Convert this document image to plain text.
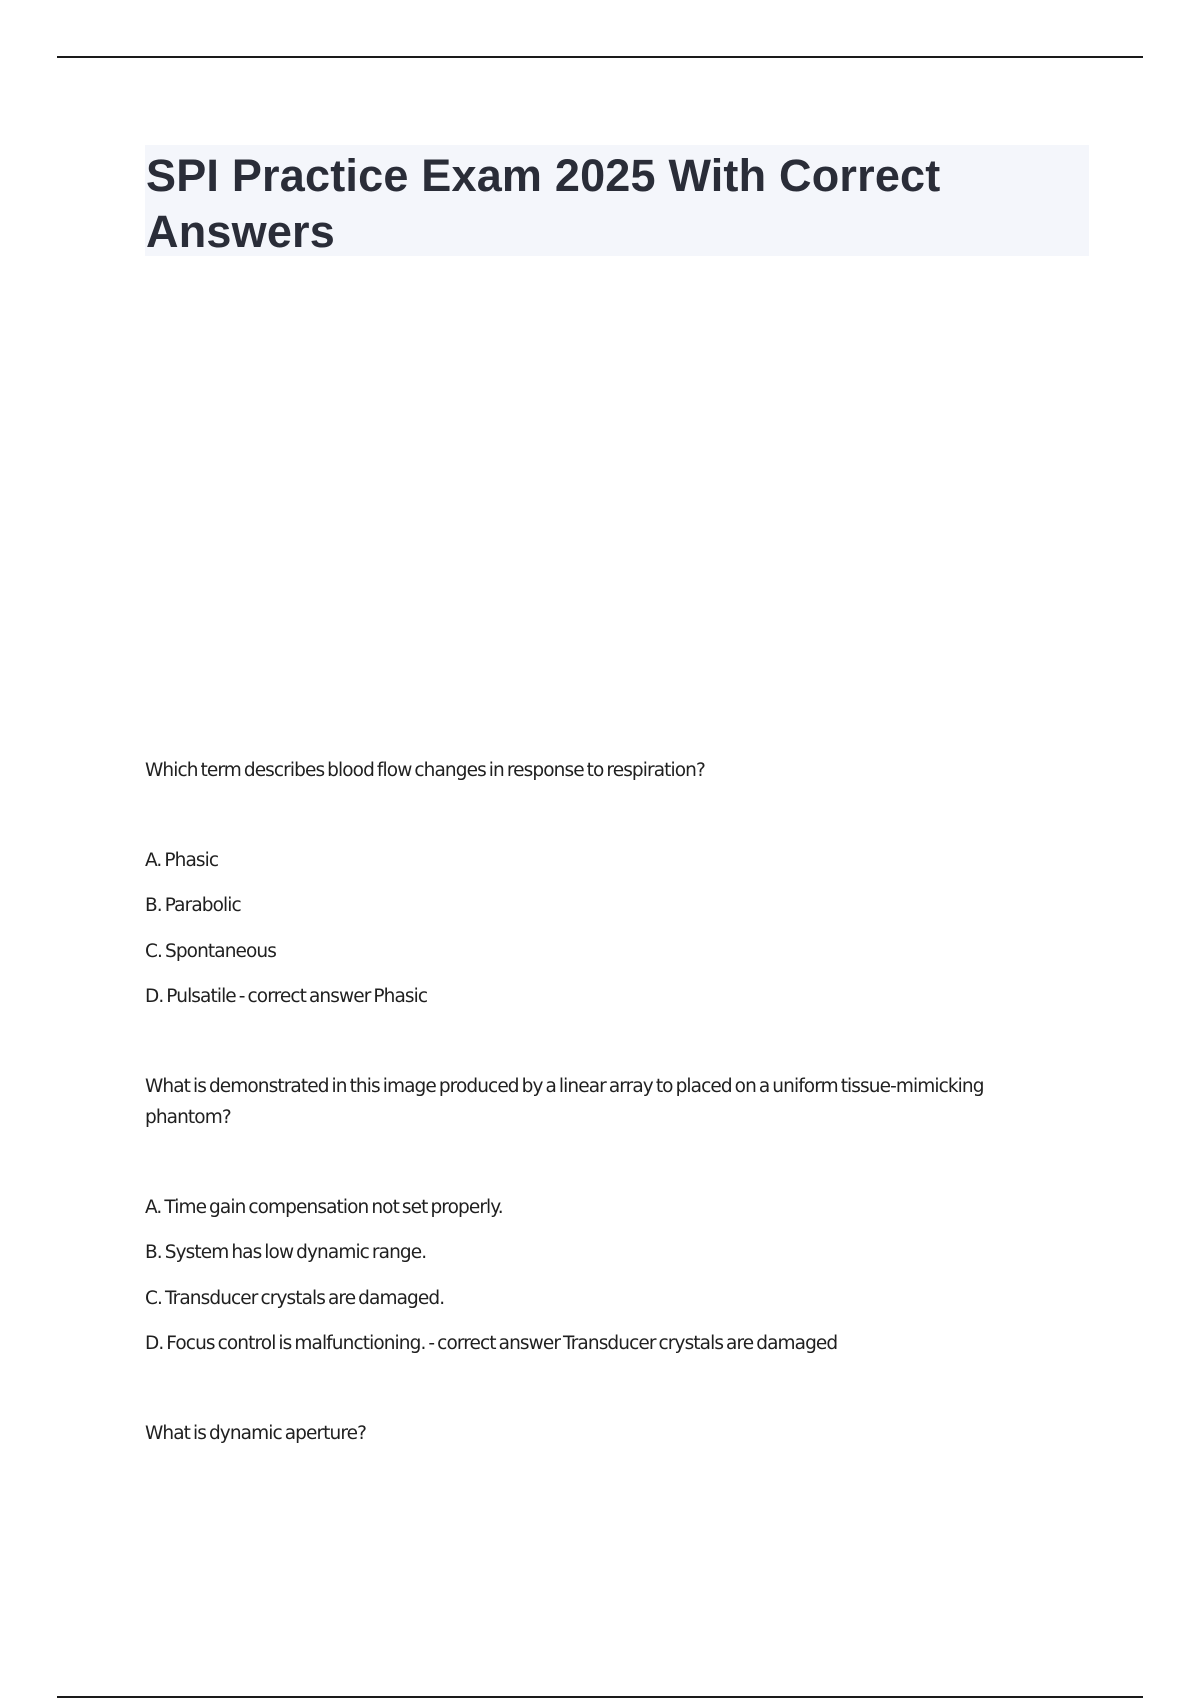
SPI Practice Exam 2025 With Correct Answers

Which term describes blood flow changes in response to respiration?

A. Phasic

B. Parabolic

C. Spontaneous

D. Pulsatile - correct answer Phasic

What is demonstrated in this image produced by a linear array to placed on a uniform tissue-mimicking phantom?

A. Time gain compensation not set properly.

B. System has low dynamic range.

C. Transducer crystals are damaged.

D. Focus control is malfunctioning. - correct answer Transducer crystals are damaged

What is dynamic aperture?
